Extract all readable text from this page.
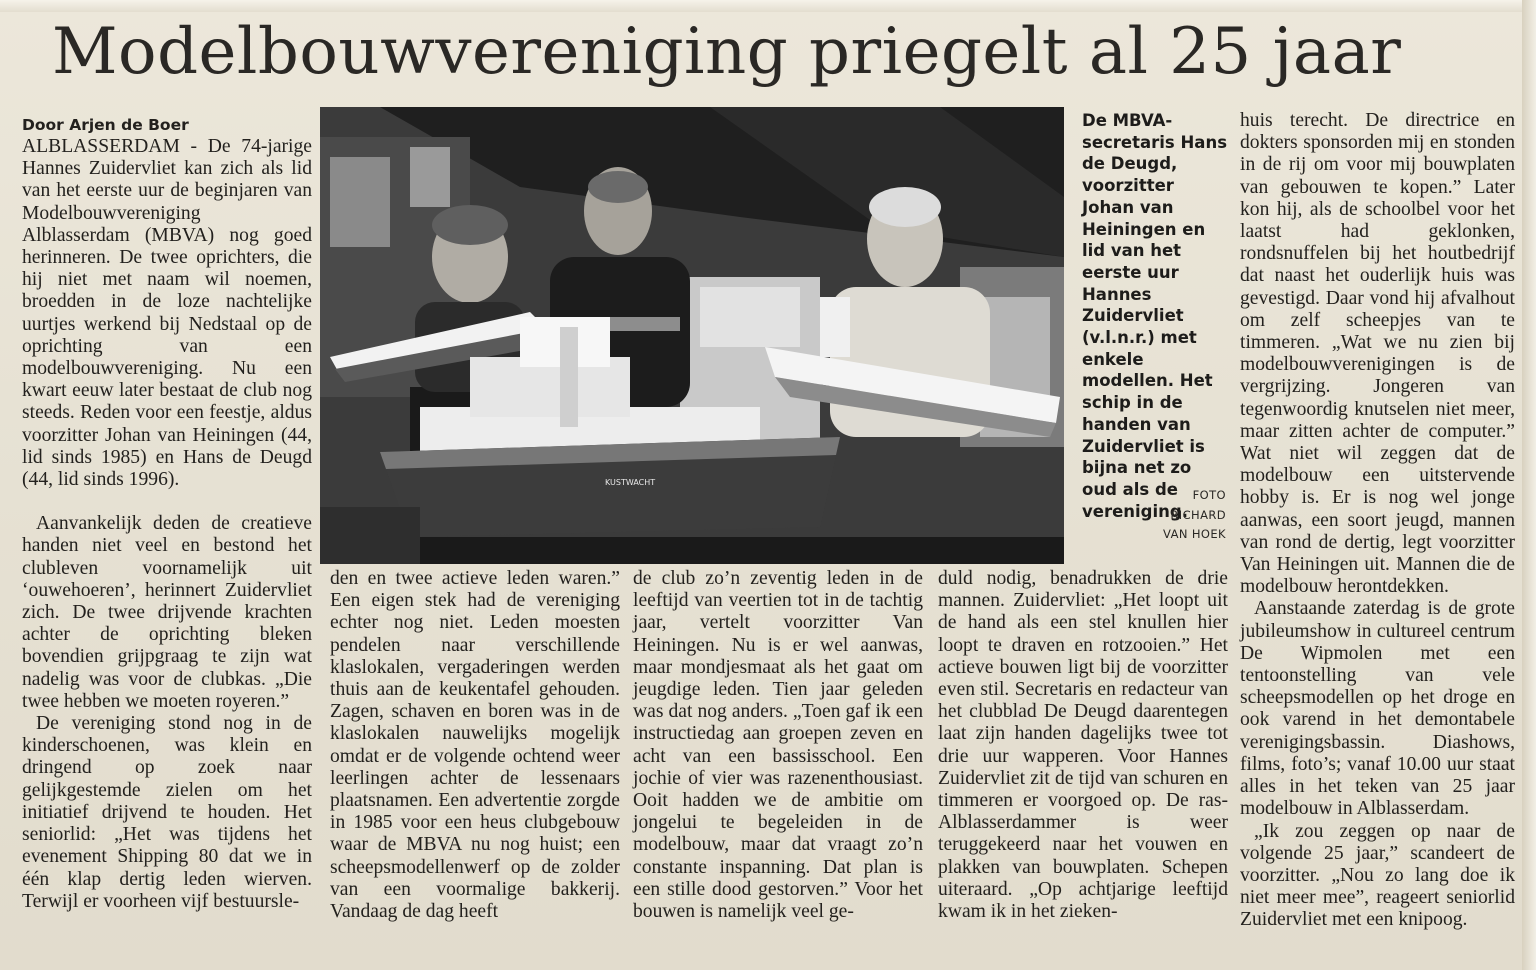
Modelbouwvereniging priegelt al 25 jaar
Door Arjen de Boer

ALBLASSERDAM - De 74-jarige Hannes Zuidervliet kan zich als lid van het eerste uur de beginjaren van Modelbouwvereniging Alblasserdam (MBVA) nog goed herinneren. De twee oprichters, die hij niet met naam wil noemen, broedden in de loze nachtelijke uurtjes werkend bij Nedstaal op de oprichting van een modelbouwvereniging. Nu een kwart eeuw later bestaat de club nog steeds. Reden voor een feestje, aldus voorzitter Johan van Heiningen (44, lid sinds 1985) en Hans de Deugd (44, lid sinds 1996).

Aanvankelijk deden de creatieve handen niet veel en bestond het clubleven voornamelijk uit ‘ouwehoeren’, herinnert Zuidervliet zich. De twee drijvende krachten achter de oprichting bleken bovendien grijpgraag te zijn wat nadelig was voor de clubkas. „Die twee hebben we moeten royeren.”

De vereniging stond nog in de kinderschoenen, was klein en dringend op zoek naar gelijkgestemde zielen om het initiatief drijvend te houden. Het seniorlid: „Het was tijdens het evenement Shipping 80 dat we in één klap dertig leden wierven. Terwijl er voorheen vijf bestuursle-

KUSTWACHT
De MBVA-secretaris Hans de Deugd, voorzitter Johan van Heiningen en lid van het eerste uur Hannes Zuidervliet (v.l.n.r.) met enkele modellen. Het schip in de handen van Zuidervliet is bijna net zo oud als de vereniging.
FOTO
RICHARD
VAN HOEK

den en twee actieve leden waren.” Een eigen stek had de vereniging echter nog niet. Leden moesten pendelen naar verschillende klaslokalen, vergaderingen werden thuis aan de keukentafel gehouden. Zagen, schaven en boren was in de klaslokalen nauwelijks mogelijk omdat er de volgende ochtend weer leerlingen achter de lessenaars plaatsnamen. Een advertentie zorgde in 1985 voor een heus clubgebouw waar de MBVA nu nog huist; een scheepsmodellenwerf op de zolder van een voormalige bakkerij. Vandaag de dag heeft

de club zo’n zeventig leden in de leeftijd van veertien tot in de tachtig jaar, vertelt voorzitter Van Heiningen. Nu is er wel aanwas, maar mondjesmaat als het gaat om jeugdige leden. Tien jaar geleden was dat nog anders. „Toen gaf ik een instructiedag aan groepen zeven en acht van een bassisschool. Een jochie of vier was razenenthousiast. Ooit hadden we de ambitie om jongelui te begeleiden in de modelbouw, maar dat vraagt zo’n constante inspanning. Dat plan is een stille dood gestorven.” Voor het bouwen is namelijk veel ge-

duld nodig, benadrukken de drie mannen. Zuidervliet: „Het loopt uit de hand als een stel knullen hier loopt te draven en rotzooien.” Het actieve bouwen ligt bij de voorzitter even stil. Secretaris en redacteur van het clubblad De Deugd daarentegen laat zijn handen dagelijks twee tot drie uur wapperen. Voor Hannes Zuidervliet zit de tijd van schuren en timmeren er voorgoed op. De ras-Alblasserdammer is weer teruggekeerd naar het vouwen en plakken van bouwplaten. Schepen uiteraard. „Op achtjarige leeftijd kwam ik in het zieken-

huis terecht. De directrice en dokters sponsorden mij en stonden in de rij om voor mij bouwplaten van gebouwen te kopen.” Later kon hij, als de schoolbel voor het laatst had geklonken, rondsnuffelen bij het houtbedrijf dat naast het ouderlijk huis was gevestigd. Daar vond hij afvalhout om zelf scheepjes van te timmeren. „Wat we nu zien bij modelbouwverenigingen is de vergrijzing. Jongeren van tegenwoordig knutselen niet meer, maar zitten achter de computer.” Wat niet wil zeggen dat de modelbouw een uitstervende hobby is. Er is nog wel jonge aanwas, een soort jeugd, mannen van rond de dertig, legt voorzitter Van Heiningen uit. Mannen die de modelbouw herontdekken.

Aanstaande zaterdag is de grote jubileumshow in cultureel centrum De Wipmolen met een tentoonstelling van vele scheepsmodellen op het droge en ook varend in het demontabele verenigingsbassin. Diashows, films, foto’s; vanaf 10.00 uur staat alles in het teken van 25 jaar modelbouw in Alblasserdam.

„Ik zou zeggen op naar de volgende 25 jaar,” scandeert de voorzitter. „Nou zo lang doe ik niet meer mee”, reageert seniorlid Zuidervliet met een knipoog.
